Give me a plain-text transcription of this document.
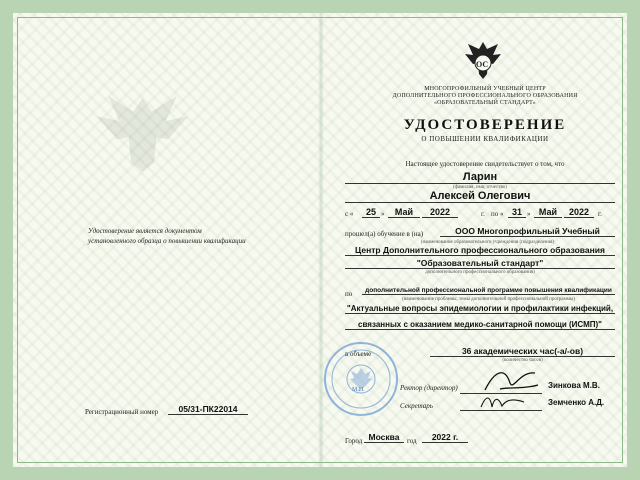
ОС
МНОГОПРОФИЛЬНЫЙ УЧЕБНЫЙ ЦЕНТР
ДОПОЛНИТЕЛЬНОГО ПРОФЕССИОНАЛЬНОГО ОБРАЗОВАНИЯ
«ОБРАЗОВАТЕЛЬНЫЙ СТАНДАРТ»
УДОСТОВЕРЕНИЕ
О ПОВЫШЕНИИ КВАЛИФИКАЦИИ
Настоящее удостоверение свидетельствует о том, что
Ларин
(фамилия, имя, отчество)
Алексей Олегович
с «	25 »	Май	2022	г. по « 31 » Май	2022	г.
прошел(а) обучение в (на)	ООО Многопрофильный Учебный
(наименование образовательного учреждения (подразделения)
Центр Дополнительного профессионального образования
"Образовательный стандарт"
дополнительного профессионального образования)
по	дополнительной профессиональной программе повышения квалификации
(наименование проблемы, темы дополнительной профессиональной программы)
"Актуальные вопросы эпидемиологии и профилактики инфекций,
связанных с оказанием медико-санитарной помощи (ИСМП)"
в объеме	36 академических час(-а/-ов)
(количество часов)
М.П.	Ректор (директор)	Зинкова М.В.
Секретарь	Земченко А.Д.
Город Москва	год	2022 г.
Удостоверение является документом
установленного образца о повышении квалификации
Регистрационный номер	05/31-ПК22014
